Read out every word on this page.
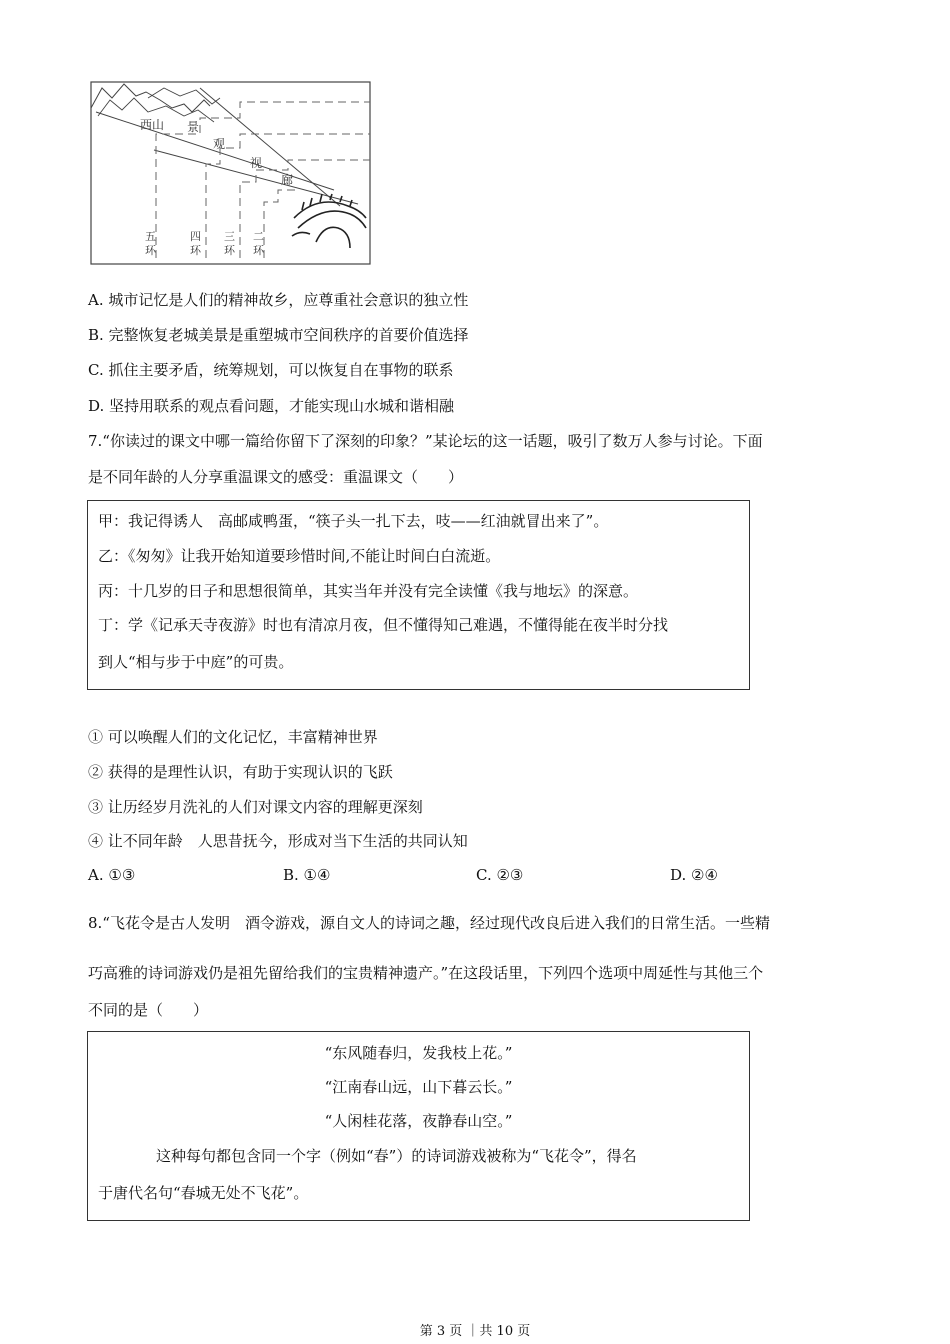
西山 景
观
视
廊
五
环
四
环
三
环
二
环
A. 城市记忆是人们的精神故乡，应尊重社会意识的独立性
B. 完整恢复老城美景是重塑城市空间秩序的首要价值选择
C. 抓住主要矛盾，统筹规划，可以恢复自在事物的联系
D. 坚持用联系的观点看问题，才能实现山水城和谐相融
7.“你读过的课文中哪一篇给你留下了深刻的印象？”某论坛的这一话题，吸引了数万人参与讨论。下面
是不同年龄的人分享重温课文的感受：重温课文（　　）
甲：我记得诱人　高邮咸鸭蛋，“筷子头一扎下去，吱——红油就冒出来了”。
乙：《匆匆》让我开始知道要珍惜时间,不能让时间白白流逝。
丙：十几岁的日子和思想很简单，其实当年并没有完全读懂《我与地坛》的深意。
丁：学《记承天寺夜游》时也有清凉月夜，但不懂得知己难遇，不懂得能在夜半时分找
到人“相与步于中庭”的可贵。
① 可以唤醒人们的文化记忆，丰富精神世界
② 获得的是理性认识，有助于实现认识的飞跃
③ 让历经岁月洗礼的人们对课文内容的理解更深刻
④ 让不同年龄　人思昔抚今，形成对当下生活的共同认知
A. ①③	B. ①④	C. ②③	D. ②④
8.“飞花令是古人发明　酒令游戏，源自文人的诗词之趣，经过现代改良后进入我们的日常生活。一些精
巧高雅的诗词游戏仍是祖先留给我们的宝贵精神遗产。”在这段话里，下列四个选项中周延性与其他三个
不同的是（　　）
“东风随春归，发我枝上花。”
“江南春山远，山下暮云长。”
“人闲桂花落，夜静春山空。”
这种每句都包含同一个字（例如“春”）的诗词游戏被称为“飞花令”，得名
于唐代名句“春城无处不飞花”。
第 3 页 ｜共 10 页
